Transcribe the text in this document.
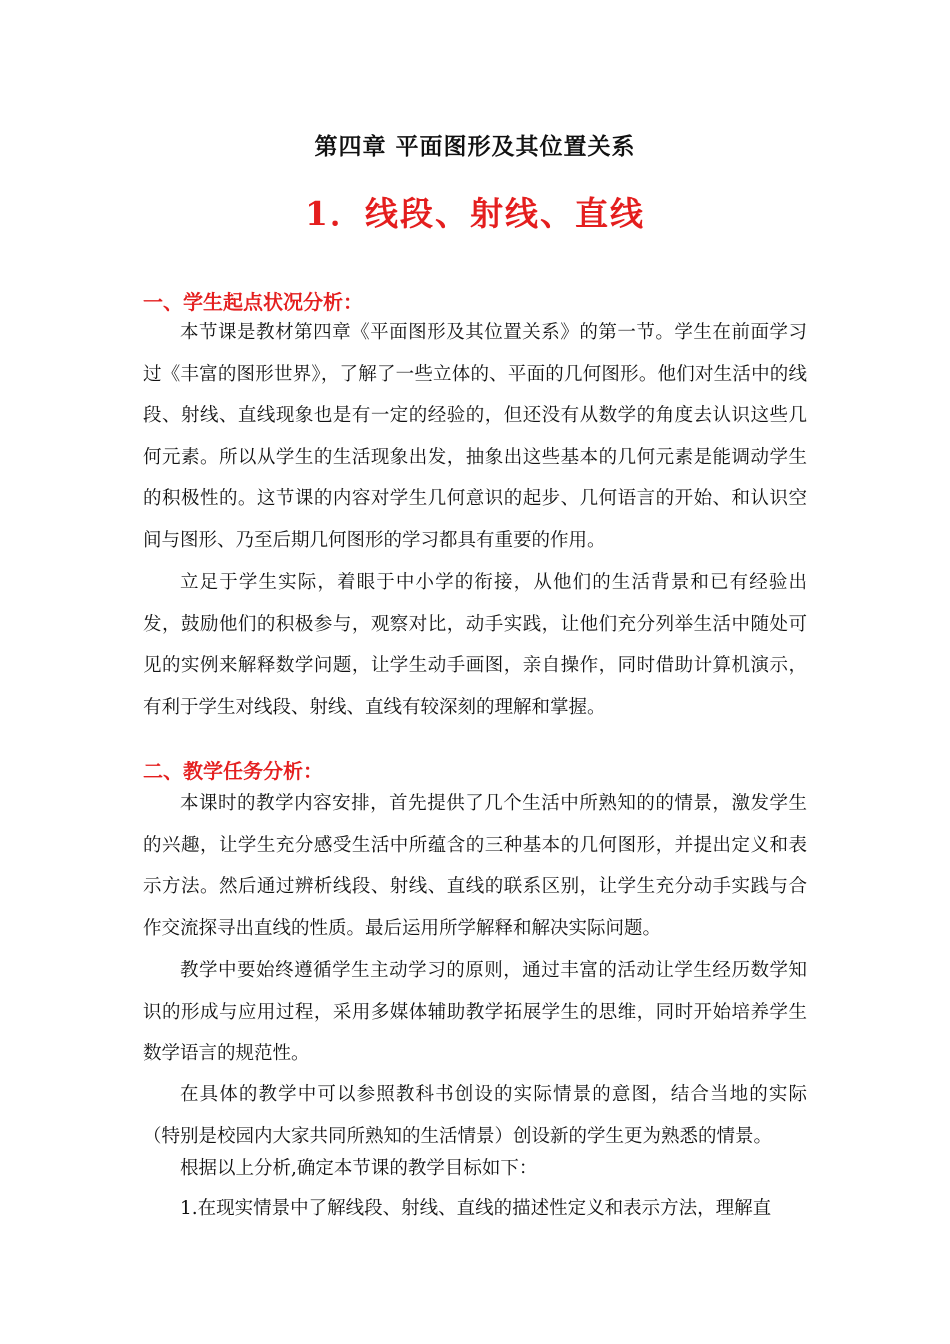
第四章 平面图形及其位置关系
1．线段、射线、直线
一、学生起点状况分析：
本节课是教材第四章《平面图形及其位置关系》的第一节。学生在前面学习过《丰富的图形世界》，了解了一些立体的、平面的几何图形。他们对生活中的线段、射线、直线现象也是有一定的经验的，但还没有从数学的角度去认识这些几何元素。所以从学生的生活现象出发，抽象出这些基本的几何元素是能调动学生的积极性的。这节课的内容对学生几何意识的起步、几何语言的开始、和认识空间与图形、乃至后期几何图形的学习都具有重要的作用。
立足于学生实际，着眼于中小学的衔接，从他们的生活背景和已有经验出发，鼓励他们的积极参与，观察对比，动手实践，让他们充分列举生活中随处可见的实例来解释数学问题，让学生动手画图，亲自操作，同时借助计算机演示，有利于学生对线段、射线、直线有较深刻的理解和掌握。
二、教学任务分析：
本课时的教学内容安排，首先提供了几个生活中所熟知的的情景，激发学生的兴趣，让学生充分感受生活中所蕴含的三种基本的几何图形，并提出定义和表示方法。然后通过辨析线段、射线、直线的联系区别，让学生充分动手实践与合作交流探寻出直线的性质。最后运用所学解释和解决实际问题。
教学中要始终遵循学生主动学习的原则，通过丰富的活动让学生经历数学知识的形成与应用过程，采用多媒体辅助教学拓展学生的思维，同时开始培养学生数学语言的规范性。
在具体的教学中可以参照教科书创设的实际情景的意图，结合当地的实际（特别是校园内大家共同所熟知的生活情景）创设新的学生更为熟悉的情景。
根据以上分析,确定本节课的教学目标如下：
1.在现实情景中了解线段、射线、直线的描述性定义和表示方法，理解直
